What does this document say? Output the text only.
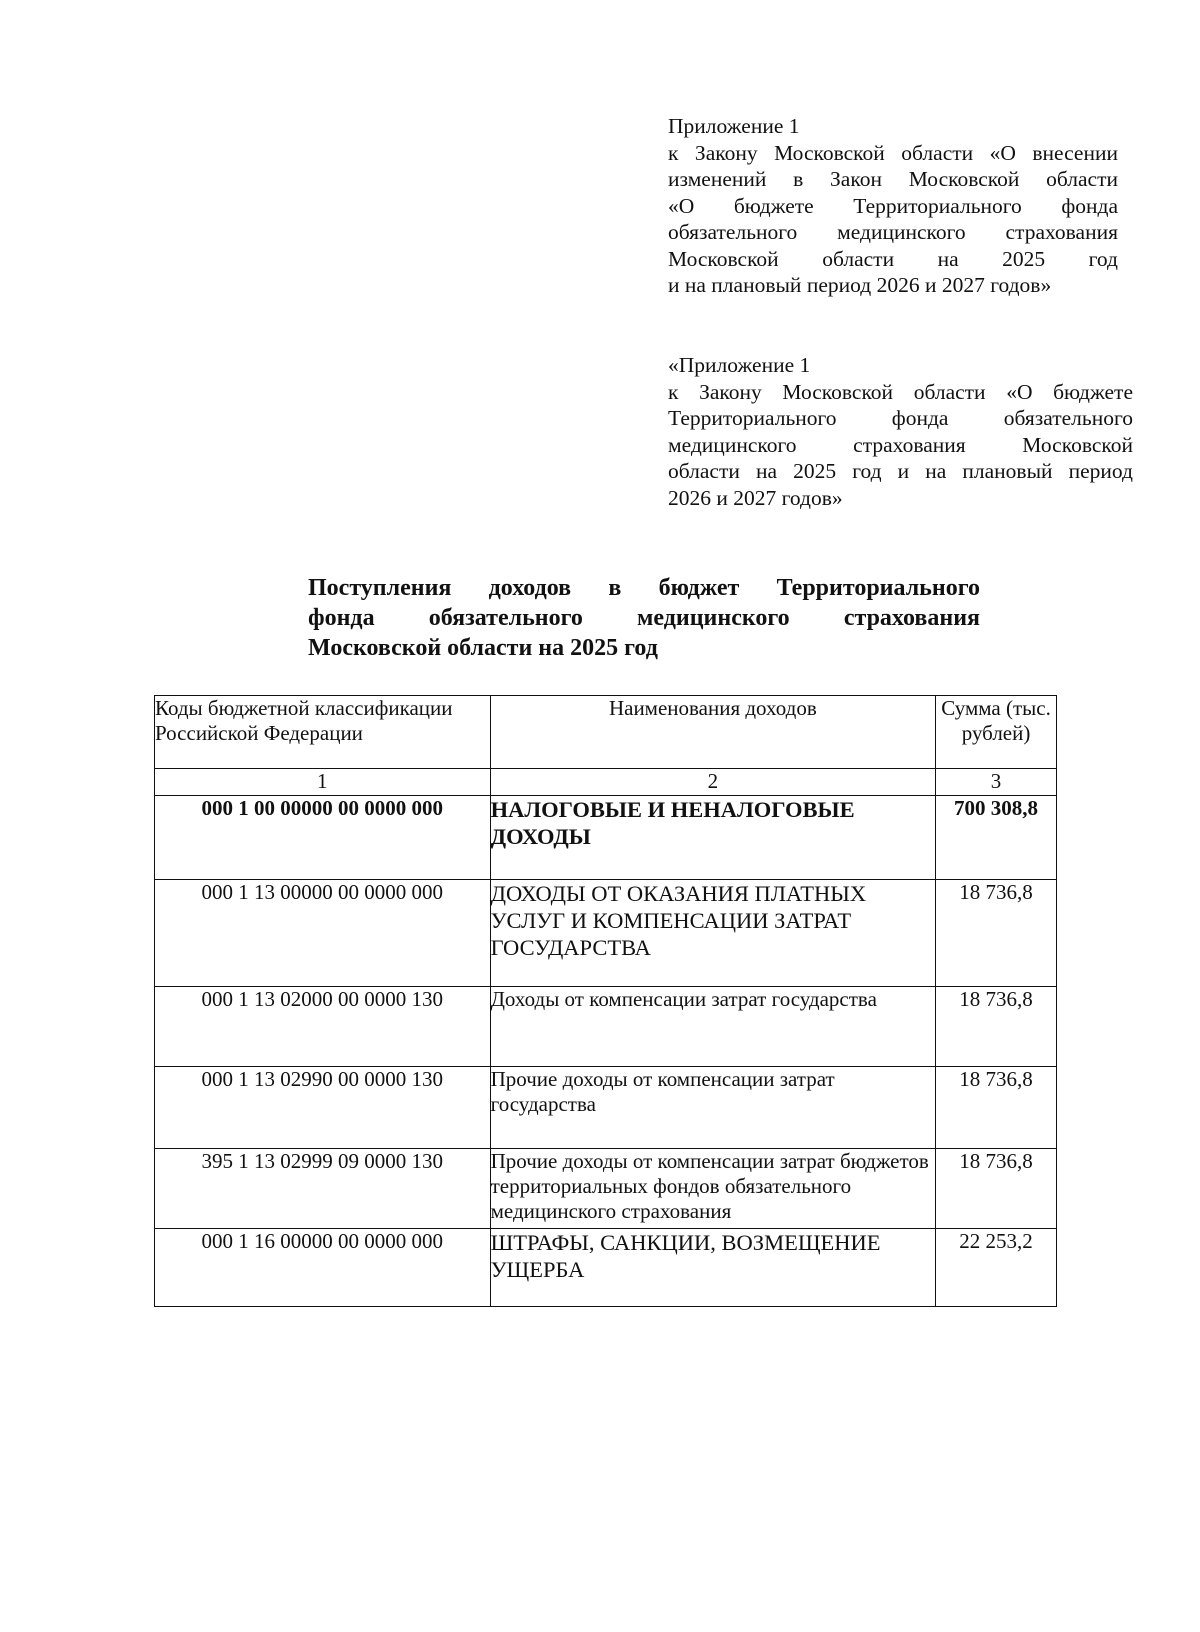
Приложение 1
к Закону Московской области «О внесении
изменений в Закон Московской области
«О бюджете Территориального фонда
обязательного медицинского страхования
Московской области на 2025 год
и на плановый период 2026 и 2027 годов»
«Приложение 1
к Закону Московской области «О бюджете
Территориального фонда обязательного
медицинского страхования Московской
области на 2025 год и на плановый период
2026 и 2027 годов»
Поступления доходов в бюджет Территориального
фонда обязательного медицинского страхования
Московской области на 2025 год
Коды бюджетной классификации Российской Федерации	Наименования доходов	Сумма (тыс. рублей)
1	2	3
000 1 00 00000 00 0000 000	НАЛОГОВЫЕ И НЕНАЛОГОВЫЕ ДОХОДЫ	700 308,8
000 1 13 00000 00 0000 000	ДОХОДЫ ОТ ОКАЗАНИЯ ПЛАТНЫХ УСЛУГ И КОМПЕНСАЦИИ ЗАТРАТ ГОСУДАРСТВА	18 736,8
000 1 13 02000 00 0000 130	Доходы от компенсации затрат государства	18 736,8
000 1 13 02990 00 0000 130	Прочие доходы от компенсации затрат государства	18 736,8
395 1 13 02999 09 0000 130	Прочие доходы от компенсации затрат бюджетов территориальных фондов обязательного медицинского страхования	18 736,8
000 1 16 00000 00 0000 000	ШТРАФЫ, САНКЦИИ, ВОЗМЕЩЕНИЕ УЩЕРБА	22 253,2
